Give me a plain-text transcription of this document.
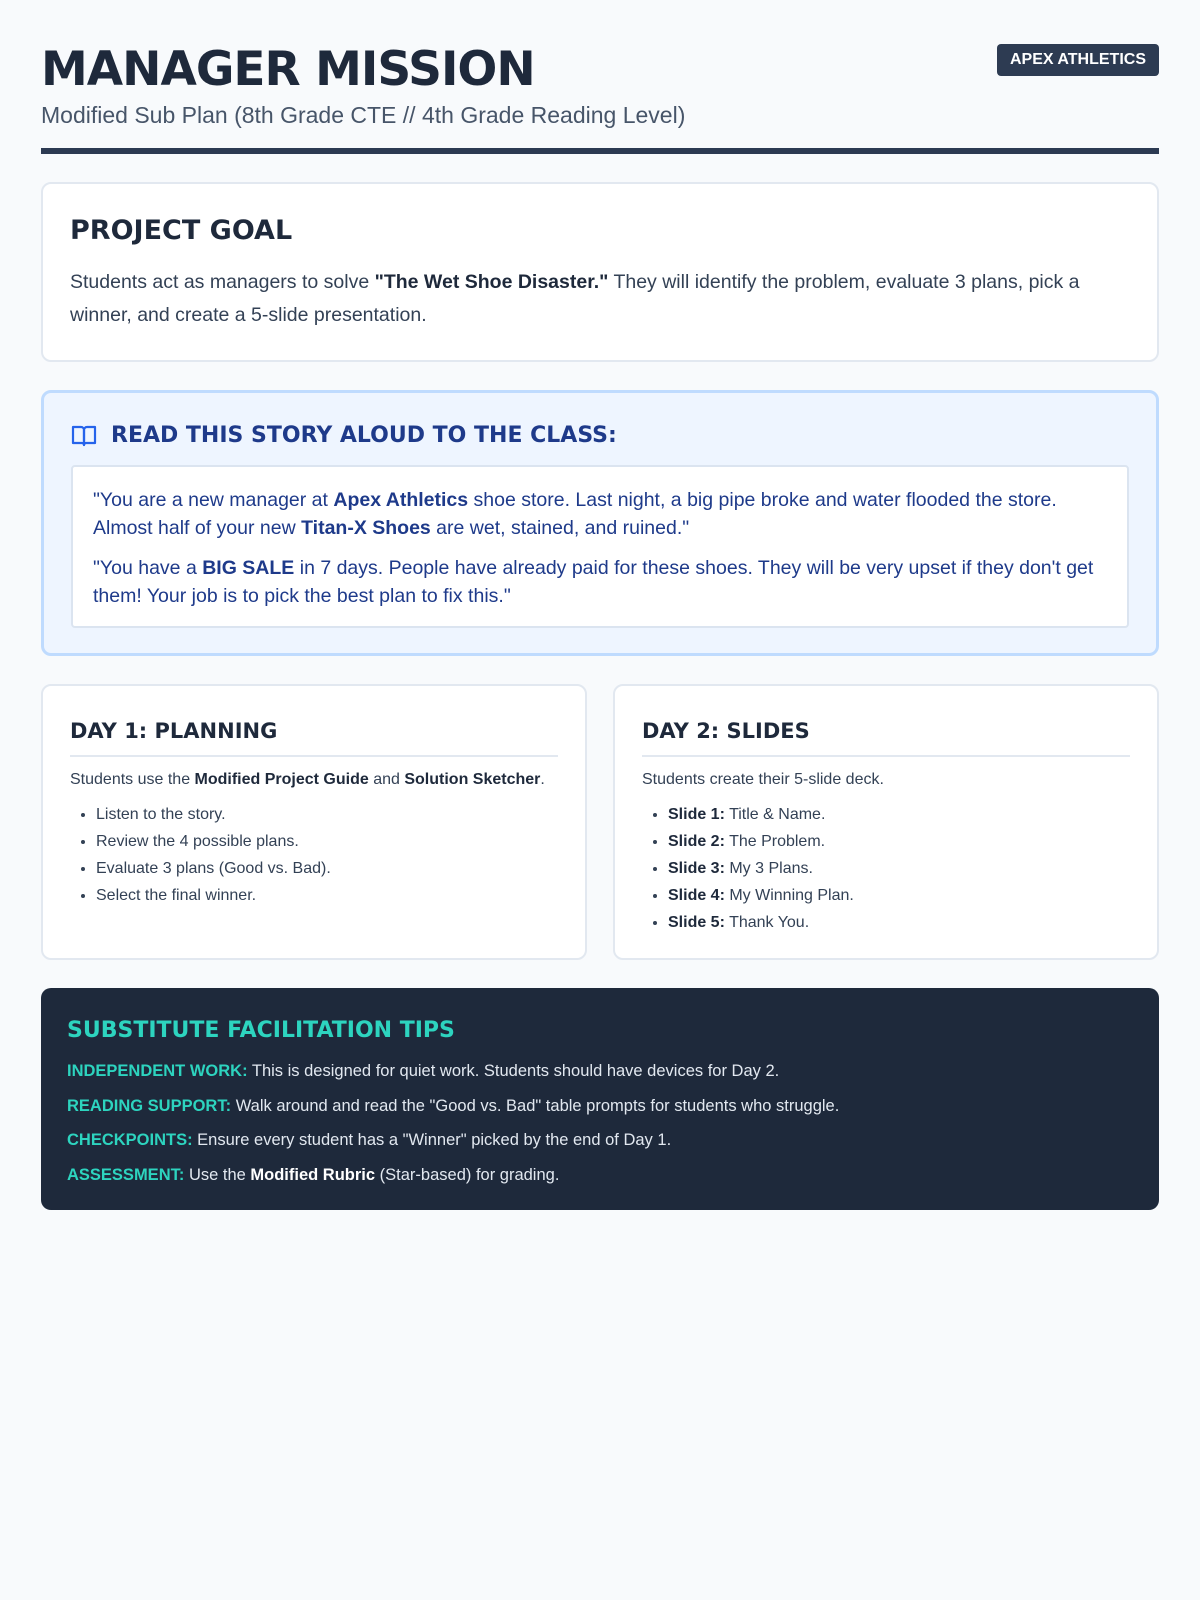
MANAGER MISSION
Modified Sub Plan (8th Grade CTE // 4th Grade Reading Level)
APEX ATHLETICS
PROJECT GOAL

Students act as managers to solve "The Wet Shoe Disaster." They will identify the problem, evaluate 3 plans, pick a winner, and create a 5-slide presentation.

READ THIS STORY ALOUD TO THE CLASS:

"You are a new manager at Apex Athletics shoe store. Last night, a big pipe broke and water flooded the store. Almost half of your new Titan-X Shoes are wet, stained, and ruined."

"You have a BIG SALE in 7 days. People have already paid for these shoes. They will be very upset if they don't get them! Your job is to pick the best plan to fix this."

DAY 1: PLANNING

Students use the Modified Project Guide and Solution Sketcher.

• Listen to the story.
• Review the 4 possible plans.
• Evaluate 3 plans (Good vs. Bad).
• Select the final winner.
DAY 2: SLIDES

Students create their 5-slide deck.

• Slide 1: Title & Name.
• Slide 2: The Problem.
• Slide 3: My 3 Plans.
• Slide 4: My Winning Plan.
• Slide 5: Thank You.
SUBSTITUTE FACILITATION TIPS

INDEPENDENT WORK: This is designed for quiet work. Students should have devices for Day 2.

READING SUPPORT: Walk around and read the "Good vs. Bad" table prompts for students who struggle.

CHECKPOINTS: Ensure every student has a "Winner" picked by the end of Day 1.

ASSESSMENT: Use the Modified Rubric (Star-based) for grading.
